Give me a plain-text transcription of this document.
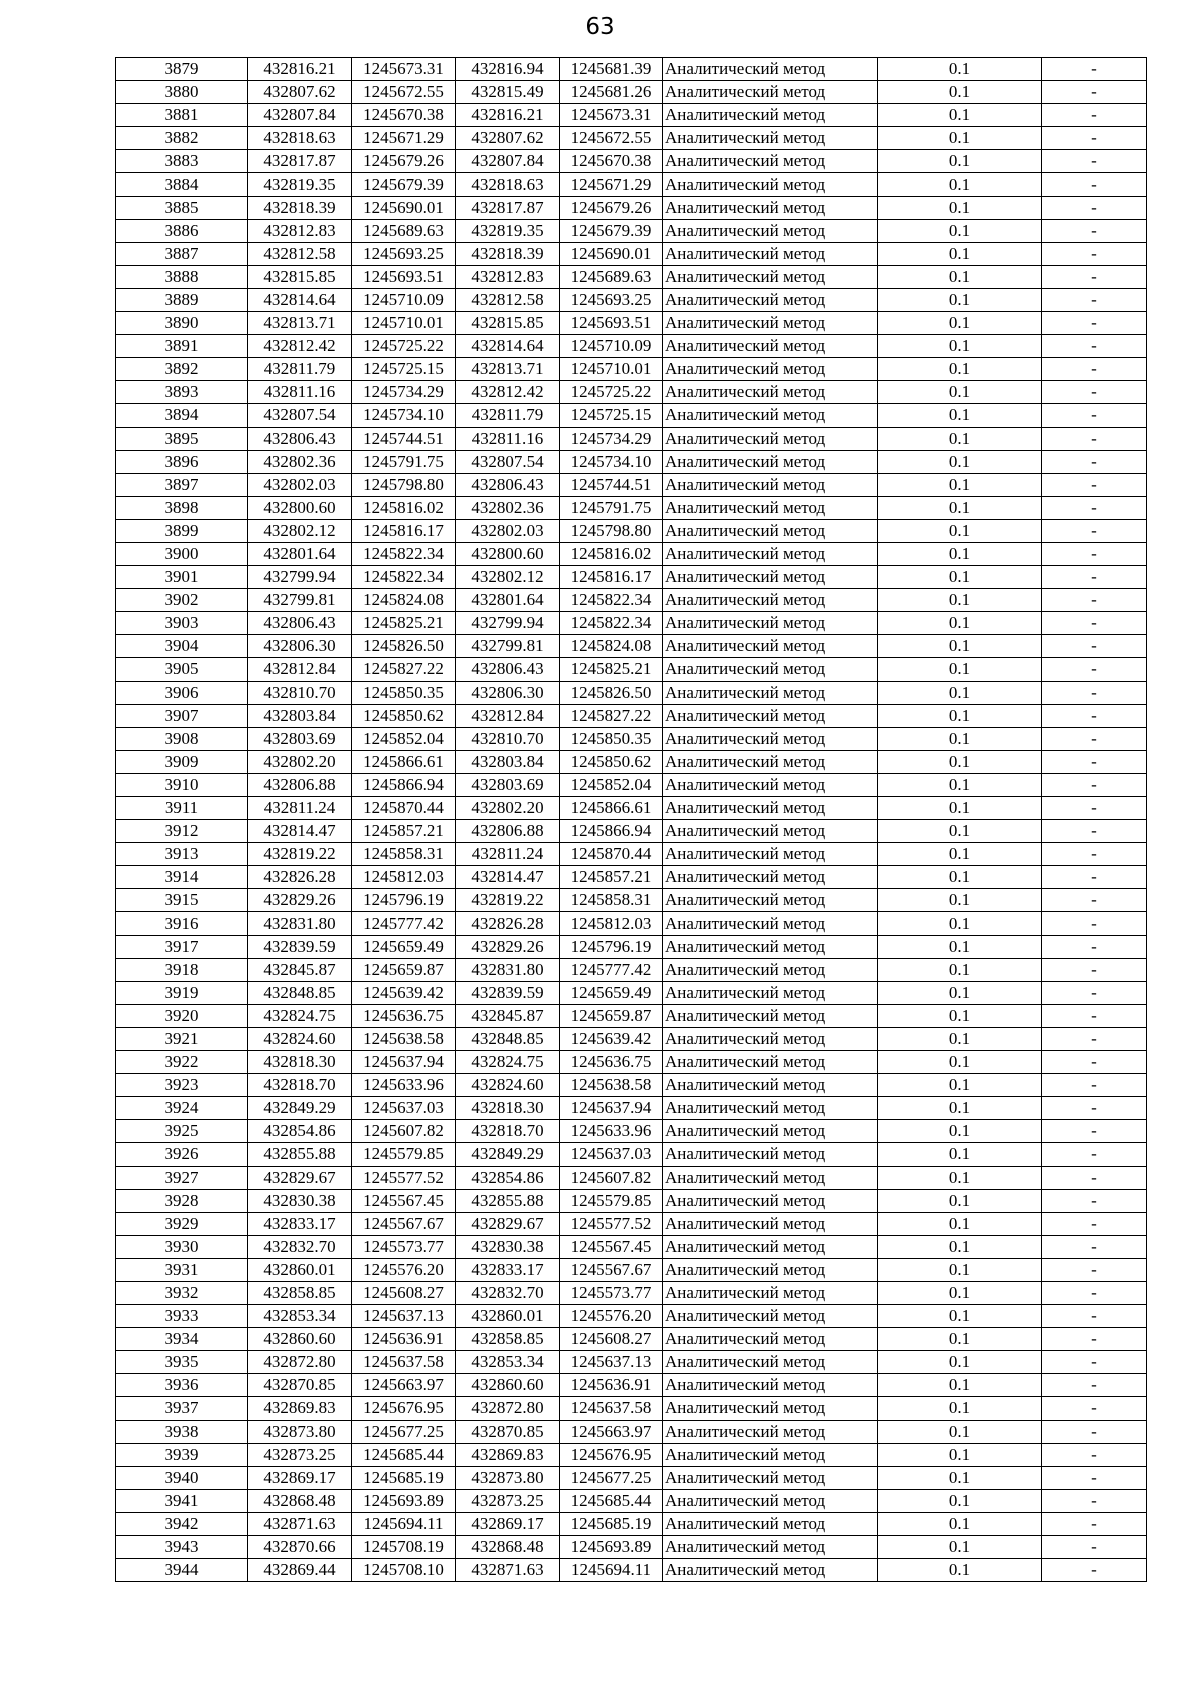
63
3879	432816.21	1245673.31	432816.94	1245681.39	Аналитический метод	0.1	-
3880	432807.62	1245672.55	432815.49	1245681.26	Аналитический метод	0.1	-
3881	432807.84	1245670.38	432816.21	1245673.31	Аналитический метод	0.1	-
3882	432818.63	1245671.29	432807.62	1245672.55	Аналитический метод	0.1	-
3883	432817.87	1245679.26	432807.84	1245670.38	Аналитический метод	0.1	-
3884	432819.35	1245679.39	432818.63	1245671.29	Аналитический метод	0.1	-
3885	432818.39	1245690.01	432817.87	1245679.26	Аналитический метод	0.1	-
3886	432812.83	1245689.63	432819.35	1245679.39	Аналитический метод	0.1	-
3887	432812.58	1245693.25	432818.39	1245690.01	Аналитический метод	0.1	-
3888	432815.85	1245693.51	432812.83	1245689.63	Аналитический метод	0.1	-
3889	432814.64	1245710.09	432812.58	1245693.25	Аналитический метод	0.1	-
3890	432813.71	1245710.01	432815.85	1245693.51	Аналитический метод	0.1	-
3891	432812.42	1245725.22	432814.64	1245710.09	Аналитический метод	0.1	-
3892	432811.79	1245725.15	432813.71	1245710.01	Аналитический метод	0.1	-
3893	432811.16	1245734.29	432812.42	1245725.22	Аналитический метод	0.1	-
3894	432807.54	1245734.10	432811.79	1245725.15	Аналитический метод	0.1	-
3895	432806.43	1245744.51	432811.16	1245734.29	Аналитический метод	0.1	-
3896	432802.36	1245791.75	432807.54	1245734.10	Аналитический метод	0.1	-
3897	432802.03	1245798.80	432806.43	1245744.51	Аналитический метод	0.1	-
3898	432800.60	1245816.02	432802.36	1245791.75	Аналитический метод	0.1	-
3899	432802.12	1245816.17	432802.03	1245798.80	Аналитический метод	0.1	-
3900	432801.64	1245822.34	432800.60	1245816.02	Аналитический метод	0.1	-
3901	432799.94	1245822.34	432802.12	1245816.17	Аналитический метод	0.1	-
3902	432799.81	1245824.08	432801.64	1245822.34	Аналитический метод	0.1	-
3903	432806.43	1245825.21	432799.94	1245822.34	Аналитический метод	0.1	-
3904	432806.30	1245826.50	432799.81	1245824.08	Аналитический метод	0.1	-
3905	432812.84	1245827.22	432806.43	1245825.21	Аналитический метод	0.1	-
3906	432810.70	1245850.35	432806.30	1245826.50	Аналитический метод	0.1	-
3907	432803.84	1245850.62	432812.84	1245827.22	Аналитический метод	0.1	-
3908	432803.69	1245852.04	432810.70	1245850.35	Аналитический метод	0.1	-
3909	432802.20	1245866.61	432803.84	1245850.62	Аналитический метод	0.1	-
3910	432806.88	1245866.94	432803.69	1245852.04	Аналитический метод	0.1	-
3911	432811.24	1245870.44	432802.20	1245866.61	Аналитический метод	0.1	-
3912	432814.47	1245857.21	432806.88	1245866.94	Аналитический метод	0.1	-
3913	432819.22	1245858.31	432811.24	1245870.44	Аналитический метод	0.1	-
3914	432826.28	1245812.03	432814.47	1245857.21	Аналитический метод	0.1	-
3915	432829.26	1245796.19	432819.22	1245858.31	Аналитический метод	0.1	-
3916	432831.80	1245777.42	432826.28	1245812.03	Аналитический метод	0.1	-
3917	432839.59	1245659.49	432829.26	1245796.19	Аналитический метод	0.1	-
3918	432845.87	1245659.87	432831.80	1245777.42	Аналитический метод	0.1	-
3919	432848.85	1245639.42	432839.59	1245659.49	Аналитический метод	0.1	-
3920	432824.75	1245636.75	432845.87	1245659.87	Аналитический метод	0.1	-
3921	432824.60	1245638.58	432848.85	1245639.42	Аналитический метод	0.1	-
3922	432818.30	1245637.94	432824.75	1245636.75	Аналитический метод	0.1	-
3923	432818.70	1245633.96	432824.60	1245638.58	Аналитический метод	0.1	-
3924	432849.29	1245637.03	432818.30	1245637.94	Аналитический метод	0.1	-
3925	432854.86	1245607.82	432818.70	1245633.96	Аналитический метод	0.1	-
3926	432855.88	1245579.85	432849.29	1245637.03	Аналитический метод	0.1	-
3927	432829.67	1245577.52	432854.86	1245607.82	Аналитический метод	0.1	-
3928	432830.38	1245567.45	432855.88	1245579.85	Аналитический метод	0.1	-
3929	432833.17	1245567.67	432829.67	1245577.52	Аналитический метод	0.1	-
3930	432832.70	1245573.77	432830.38	1245567.45	Аналитический метод	0.1	-
3931	432860.01	1245576.20	432833.17	1245567.67	Аналитический метод	0.1	-
3932	432858.85	1245608.27	432832.70	1245573.77	Аналитический метод	0.1	-
3933	432853.34	1245637.13	432860.01	1245576.20	Аналитический метод	0.1	-
3934	432860.60	1245636.91	432858.85	1245608.27	Аналитический метод	0.1	-
3935	432872.80	1245637.58	432853.34	1245637.13	Аналитический метод	0.1	-
3936	432870.85	1245663.97	432860.60	1245636.91	Аналитический метод	0.1	-
3937	432869.83	1245676.95	432872.80	1245637.58	Аналитический метод	0.1	-
3938	432873.80	1245677.25	432870.85	1245663.97	Аналитический метод	0.1	-
3939	432873.25	1245685.44	432869.83	1245676.95	Аналитический метод	0.1	-
3940	432869.17	1245685.19	432873.80	1245677.25	Аналитический метод	0.1	-
3941	432868.48	1245693.89	432873.25	1245685.44	Аналитический метод	0.1	-
3942	432871.63	1245694.11	432869.17	1245685.19	Аналитический метод	0.1	-
3943	432870.66	1245708.19	432868.48	1245693.89	Аналитический метод	0.1	-
3944	432869.44	1245708.10	432871.63	1245694.11	Аналитический метод	0.1	-
